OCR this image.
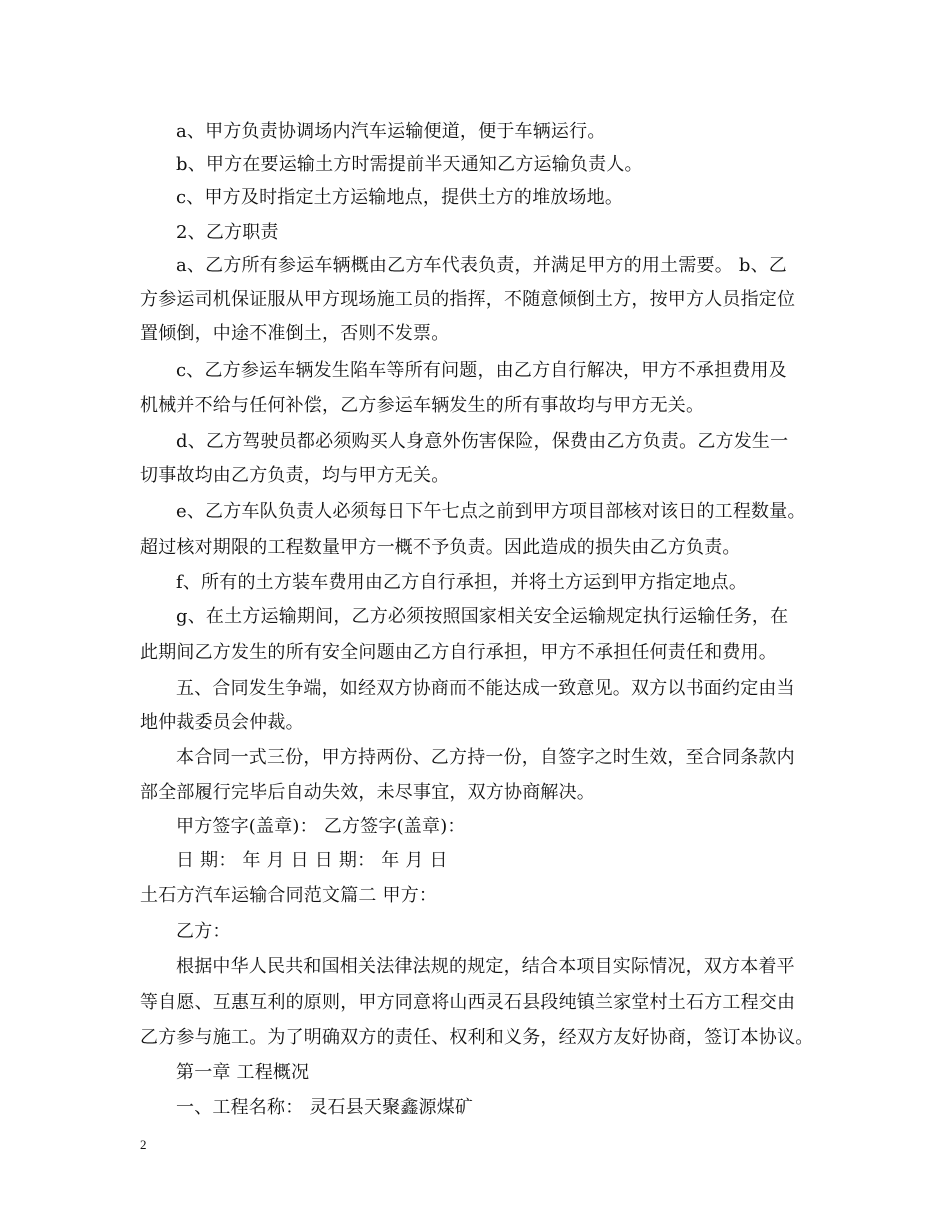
a、甲方负责协调场内汽车运输便道，便于车辆运行。
b、甲方在要运输土方时需提前半天通知乙方运输负责人。
c、甲方及时指定土方运输地点，提供土方的堆放场地。
2、乙方职责
a、乙方所有参运车辆概由乙方车代表负责，并满足甲方的用土需要。 b、乙
方参运司机保证服从甲方现场施工员的指挥，不随意倾倒土方，按甲方人员指定位
置倾倒，中途不准倒土，否则不发票。
c、乙方参运车辆发生陷车等所有问题，由乙方自行解决，甲方不承担费用及
机械并不给与任何补偿，乙方参运车辆发生的所有事故均与甲方无关。
d、乙方驾驶员都必须购买人身意外伤害保险，保费由乙方负责。乙方发生一
切事故均由乙方负责，均与甲方无关。
e、乙方车队负责人必须每日下午七点之前到甲方项目部核对该日的工程数量。
超过核对期限的工程数量甲方一概不予负责。因此造成的损失由乙方负责。
f、所有的土方装车费用由乙方自行承担，并将土方运到甲方指定地点。
g、在土方运输期间，乙方必须按照国家相关安全运输规定执行运输任务，在
此期间乙方发生的所有安全问题由乙方自行承担，甲方不承担任何责任和费用。
五、合同发生争端，如经双方协商而不能达成一致意见。双方以书面约定由当
地仲裁委员会仲裁。
本合同一式三份，甲方持两份、乙方持一份，自签字之时生效，至合同条款内
部全部履行完毕后自动失效，未尽事宜，双方协商解决。
甲方签字(盖章)： 乙方签字(盖章)：
日 期： 年 月 日 日 期： 年 月 日
土石方汽车运输合同范文篇二 甲方：
乙方：
根据中华人民共和国相关法律法规的规定，结合本项目实际情况，双方本着平
等自愿、互惠互利的原则，甲方同意将山西灵石县段纯镇兰家堂村土石方工程交由
乙方参与施工。为了明确双方的责任、权利和义务，经双方友好协商，签订本协议。
第一章 工程概况
一、工程名称： 灵石县天聚鑫源煤矿
2
